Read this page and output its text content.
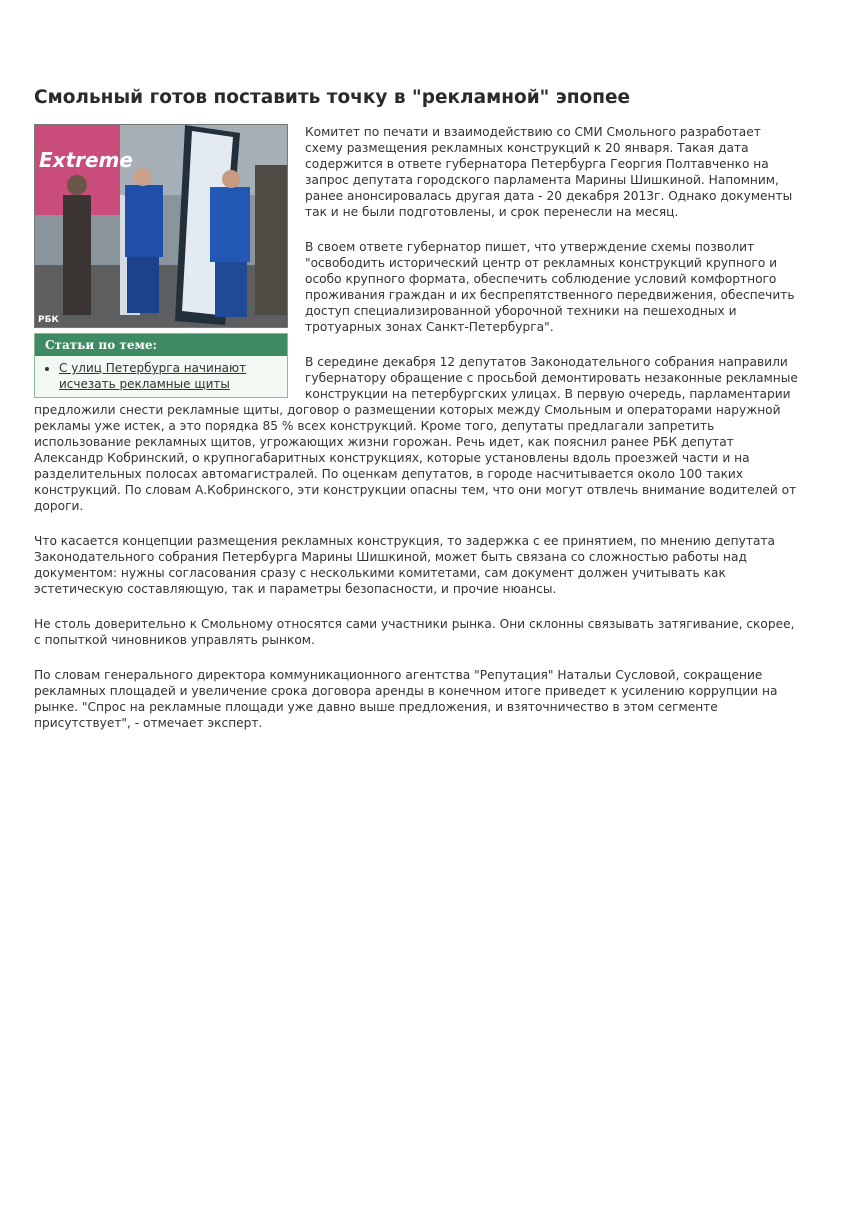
Смольный готов поставить точку в "рекламной" эпопее
Extreme
РБК
Статьи по теме:
• С улиц Петербурга начинают исчезать рекламные щиты

Комитет по печати и взаимодействию со СМИ Смольного разработает схему размещения рекламных конструкций к 20 января. Такая дата содержится в ответе губернатора Петербурга Георгия Полтавченко на запрос депутата городского парламента Марины Шишкиной. Напомним, ранее анонсировалась другая дата - 20 декабря 2013г. Однако документы так и не были подготовлены, и срок перенесли на месяц.

В своем ответе губернатор пишет, что утверждение схемы позволит "освободить исторический центр от рекламных конструкций крупного и особо крупного формата, обеспечить соблюдение условий комфортного проживания граждан и их беспрепятственного передвижения, обеспечить доступ специализированной уборочной техники на пешеходных и тротуарных зонах Санкт-Петербурга".

В середине декабря 12 депутатов Законодательного собрания направили губернатору обращение с просьбой демонтировать незаконные рекламные конструкции на петербургских улицах. В первую очередь, парламентарии предложили снести рекламные щиты, договор о размещении которых между Смольным и операторами наружной рекламы уже истек, а это порядка 85 % всех конструкций. Кроме того, депутаты предлагали запретить использование рекламных щитов, угрожающих жизни горожан. Речь идет, как пояснил ранее РБК депутат Александр Кобринский, о крупногабаритных конструкциях, которые установлены вдоль проезжей части и на разделительных полосах автомагистралей. По оценкам депутатов, в городе насчитывается около 100 таких конструкций. По словам А.Кобринского, эти конструкции опасны тем, что они могут отвлечь внимание водителей от дороги.

Что касается концепции размещения рекламных конструкция, то задержка с ее принятием, по мнению депутата Законодательного собрания Петербурга Марины Шишкиной, может быть связана со сложностью работы над документом: нужны согласования сразу с несколькими комитетами, сам документ должен учитывать как эстетическую составляющую, так и параметры безопасности, и прочие нюансы.

Не столь доверительно к Смольному относятся сами участники рынка. Они склонны связывать затягивание, скорее, с попыткой чиновников управлять рынком.

По словам генерального директора коммуникационного агентства "Репутация" Натальи Сусловой, сокращение рекламных площадей и увеличение срока договора аренды в конечном итоге приведет к усилению коррупции на рынке. "Спрос на рекламные площади уже давно выше предложения, и взяточничество в этом сегменте присутствует", - отмечает эксперт.
